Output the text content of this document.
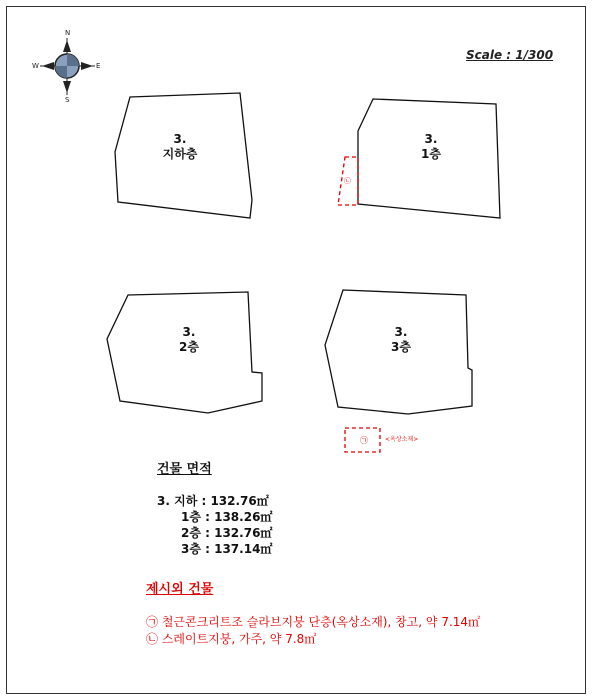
Scale : 1/300
N
S
W	E
3.
지하층
3.
1층
3.
2층
3.
3층
㉡
㉠	<옥상소재>
건물 면적
3. 지하 : 132.76㎡
1층 : 138.26㎡
2층 : 132.76㎡
3층 : 137.14㎡
제시외 건물
㉠ 철근콘크리트조 슬라브지붕 단층(옥상소재), 창고, 약 7.14㎡
㉡ 스레이트지붕, 가주, 약 7.8㎡
